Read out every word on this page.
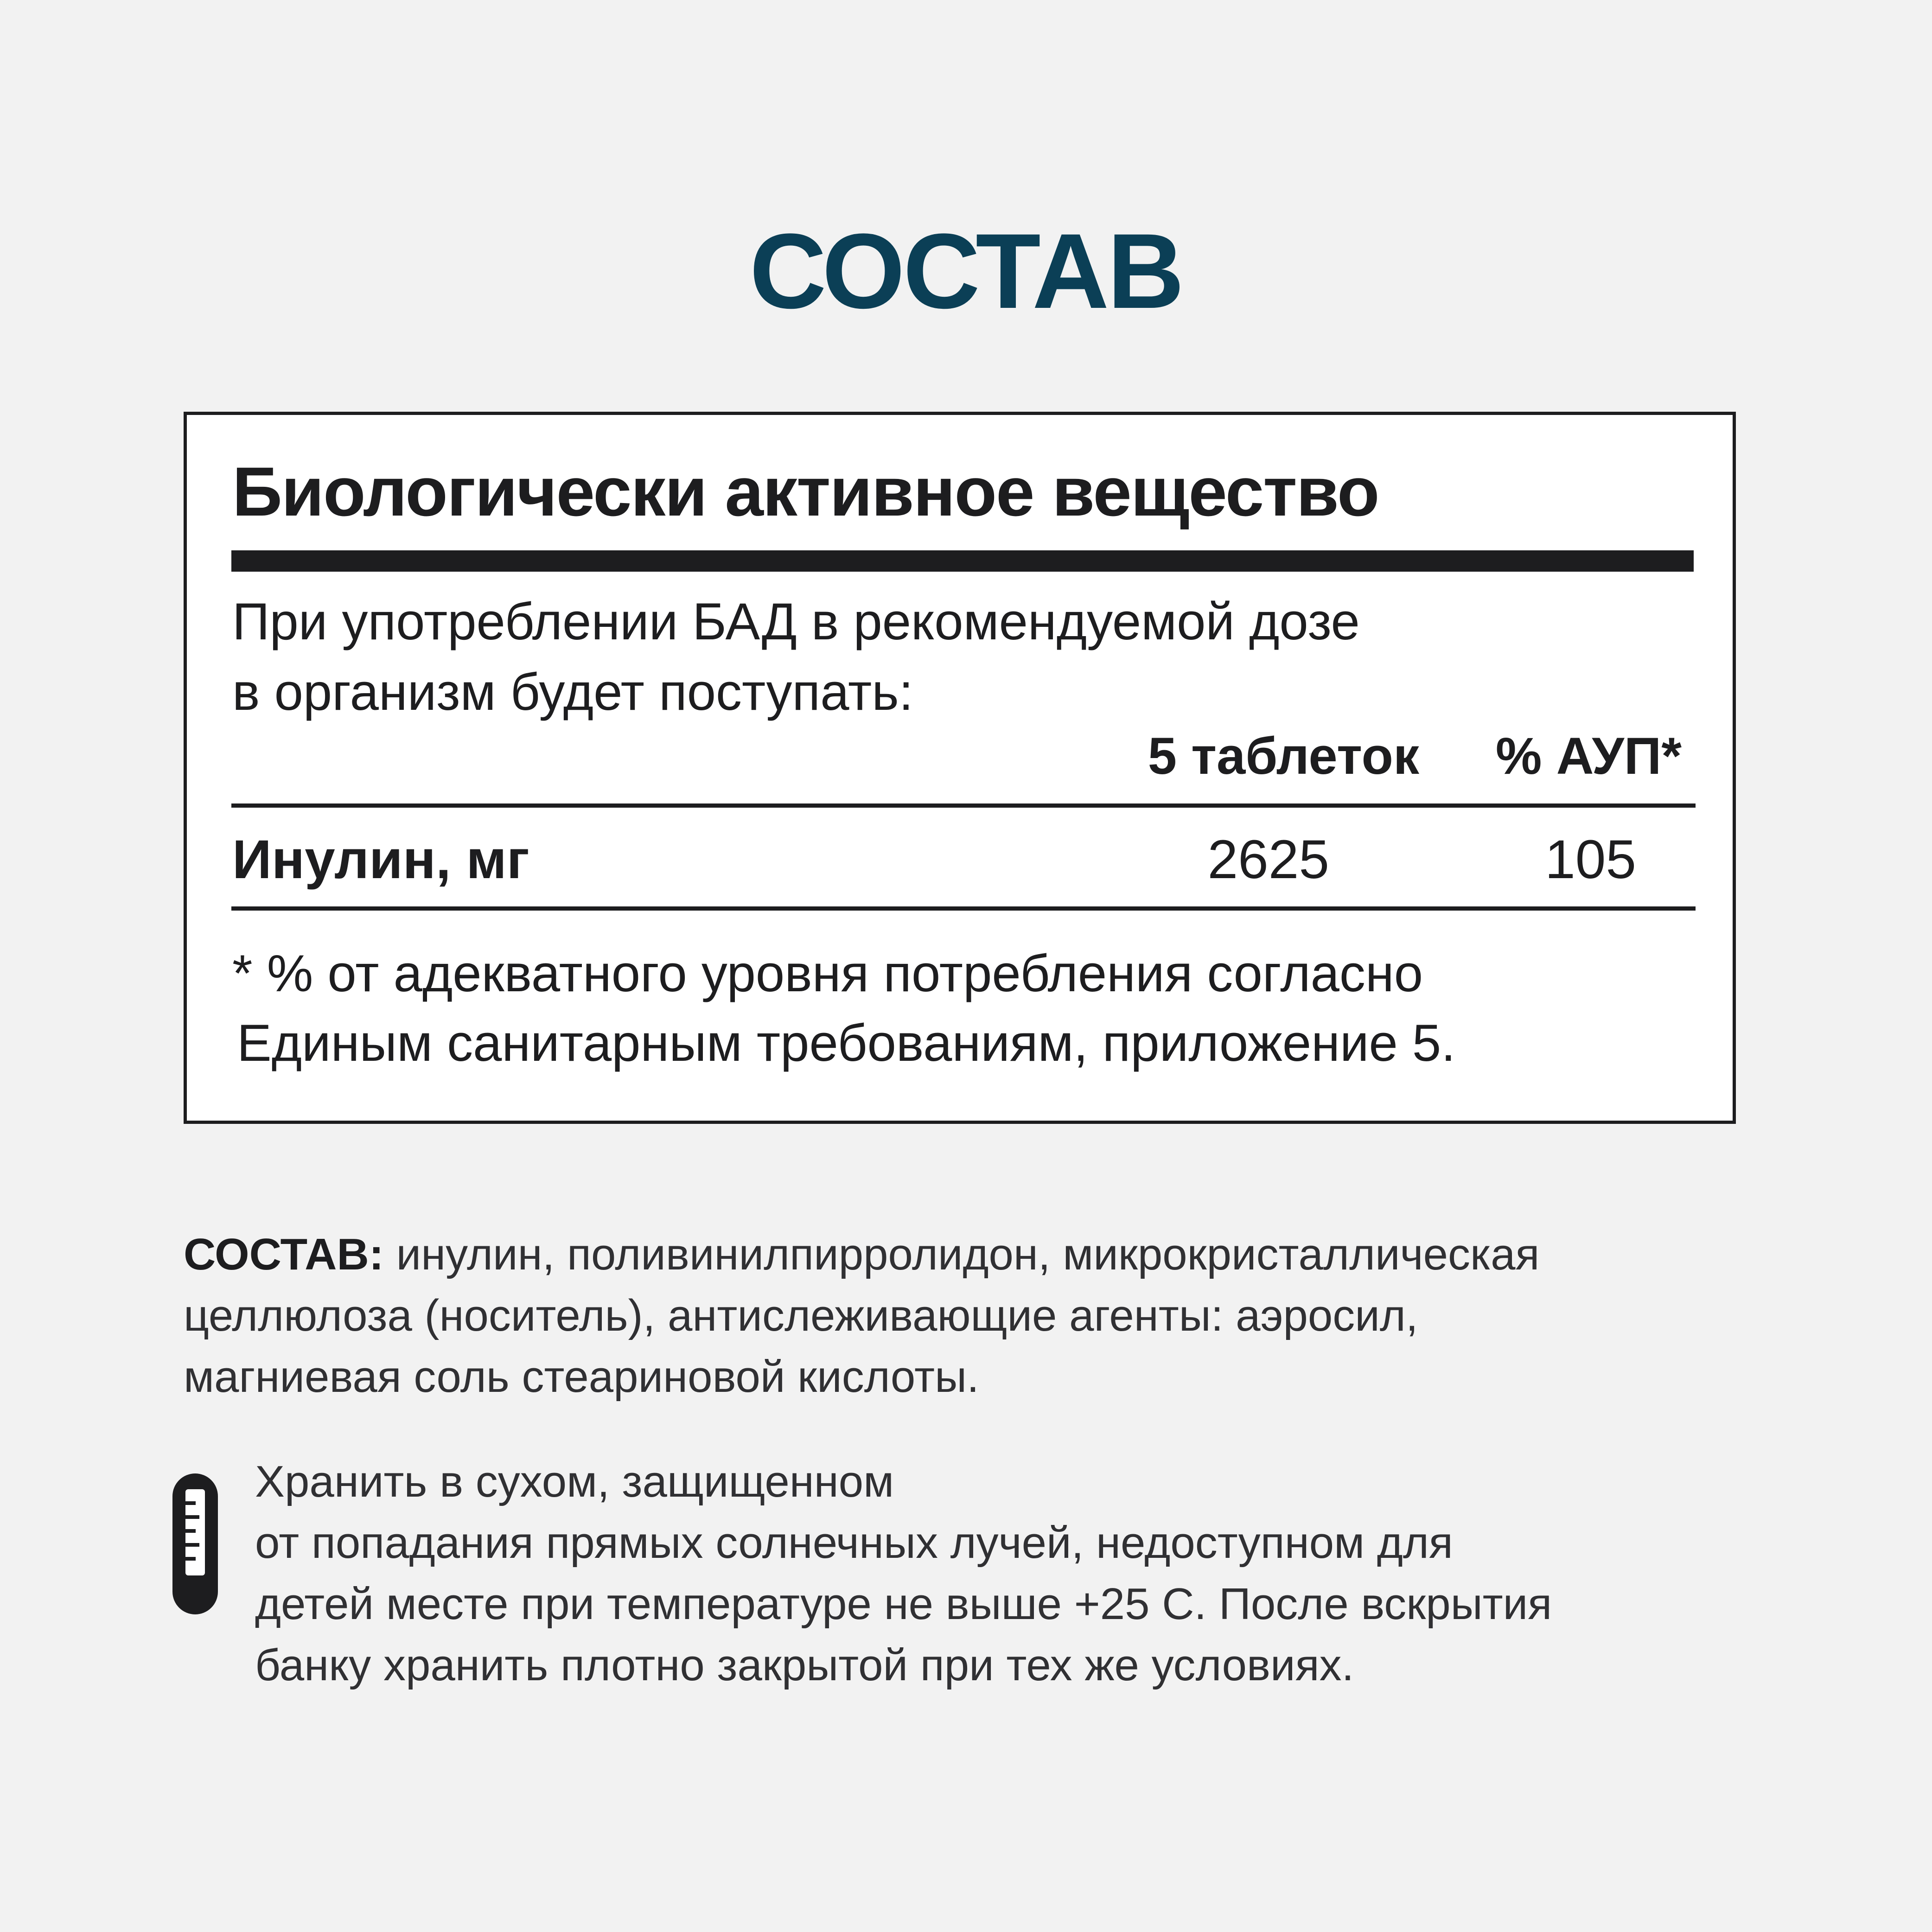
СОСТАВ
Биологически активное вещество
При употреблении БАД в рекомендуемой дозе
в организм будет поступать:
5 таблеток % АУП*
Инулин, мг	2625	105
* % от адекватного уровня потребления согласно
Единым санитарным требованиям, приложение 5.
СОСТАВ: инулин, поливинилпирролидон, микрокристаллическая
целлюлоза (носитель), антислеживающие агенты: аэросил,
магниевая соль стеариновой кислоты.
Хранить в сухом, защищенном
от попадания прямых солнечных лучей, недоступном для
детей месте при температуре не выше +25 С. После вскрытия
банку хранить плотно закрытой при тех же условиях.
